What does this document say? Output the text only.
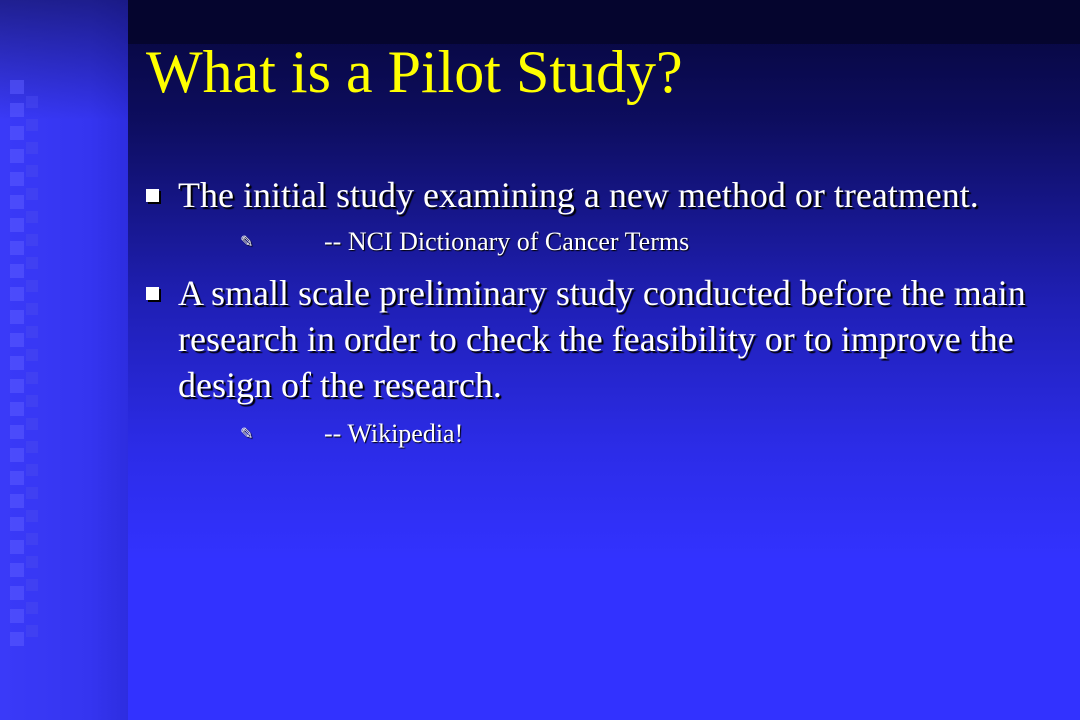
What is a Pilot Study?
The initial study examining a new method or treatment.
✎	-- NCI Dictionary of Cancer Terms
A small scale preliminary study conducted before the main research in order to check the feasibility or to improve the design of the research.
✎	-- Wikipedia!
